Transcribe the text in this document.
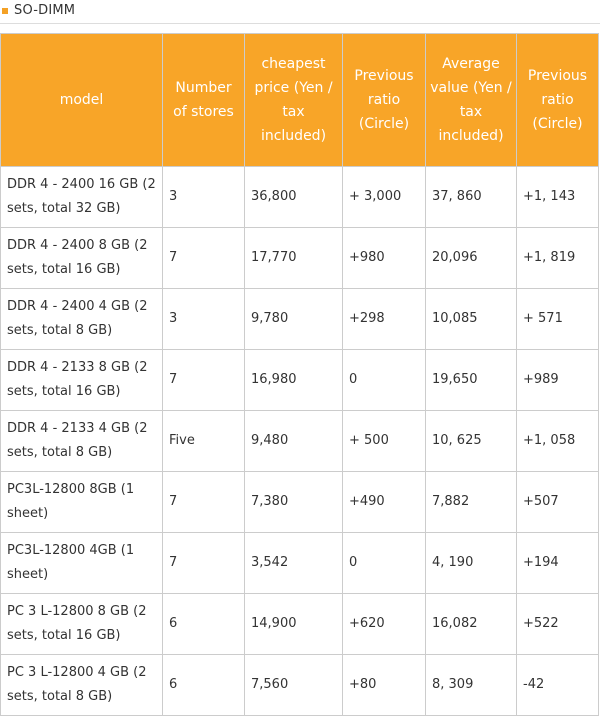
SO-DIMM
model	Number of stores	cheapest price (Yen / tax included)	Previous ratio (Circle)	Average value (Yen / tax included)	Previous ratio (Circle)
DDR 4 - 2400 16 GB (2 sets, total 32 GB)	3	36,800	+ 3,000	37, 860	+1, 143
DDR 4 - 2400 8 GB (2 sets, total 16 GB)	7	17,770	+980	20,096	+1, 819
DDR 4 - 2400 4 GB (2 sets, total 8 GB)	3	9,780	+298	10,085	+ 571
DDR 4 - 2133 8 GB (2 sets, total 16 GB)	7	16,980	0	19,650	+989
DDR 4 - 2133 4 GB (2 sets, total 8 GB)	Five	9,480	+ 500	10, 625	+1, 058
PC3L-12800 8GB (1 sheet)	7	7,380	+490	7,882	+507
PC3L-12800 4GB (1 sheet)	7	3,542	0	4, 190	+194
PC 3 L-12800 8 GB (2 sets, total 16 GB)	6	14,900	+620	16,082	+522
PC 3 L-12800 4 GB (2 sets, total 8 GB)	6	7,560	+80	8, 309	-42
